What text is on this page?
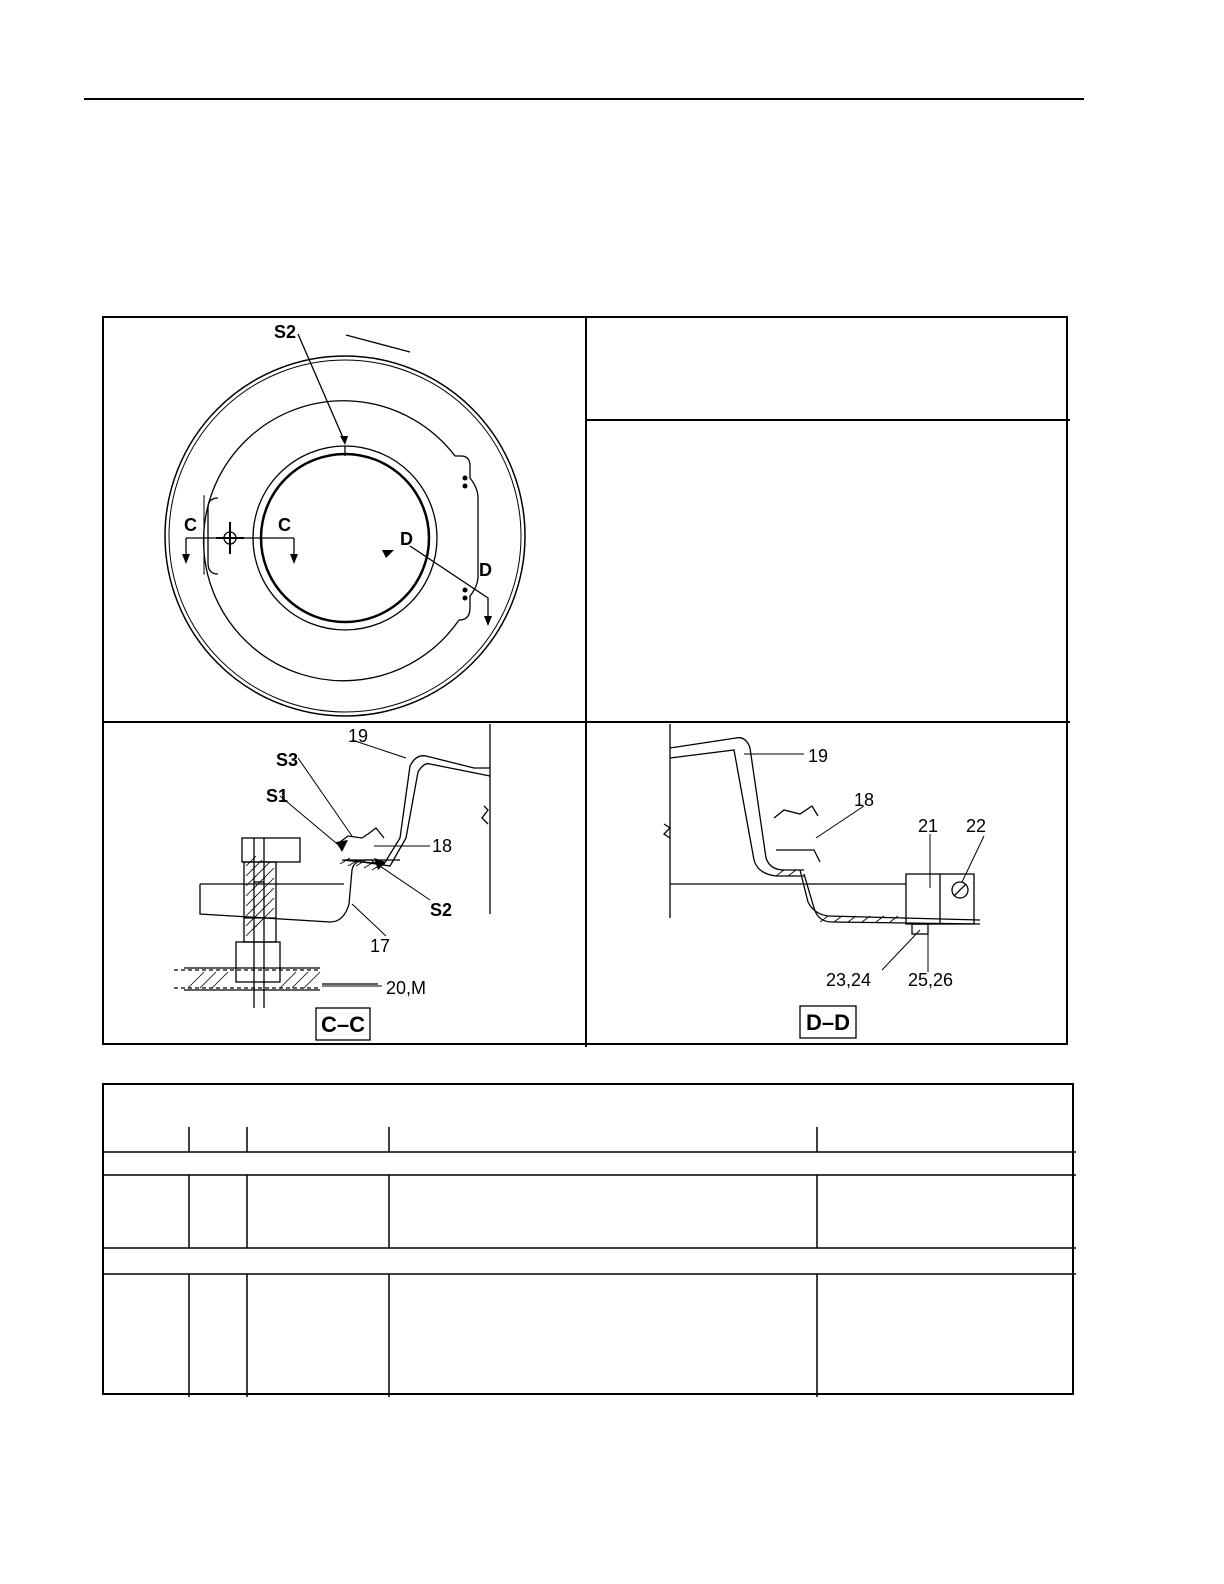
S2
C	C
D
D
19
S3
S1
18
S2
17
20,M
C–C
19
18
21 22
23,24 25,26
D–D
